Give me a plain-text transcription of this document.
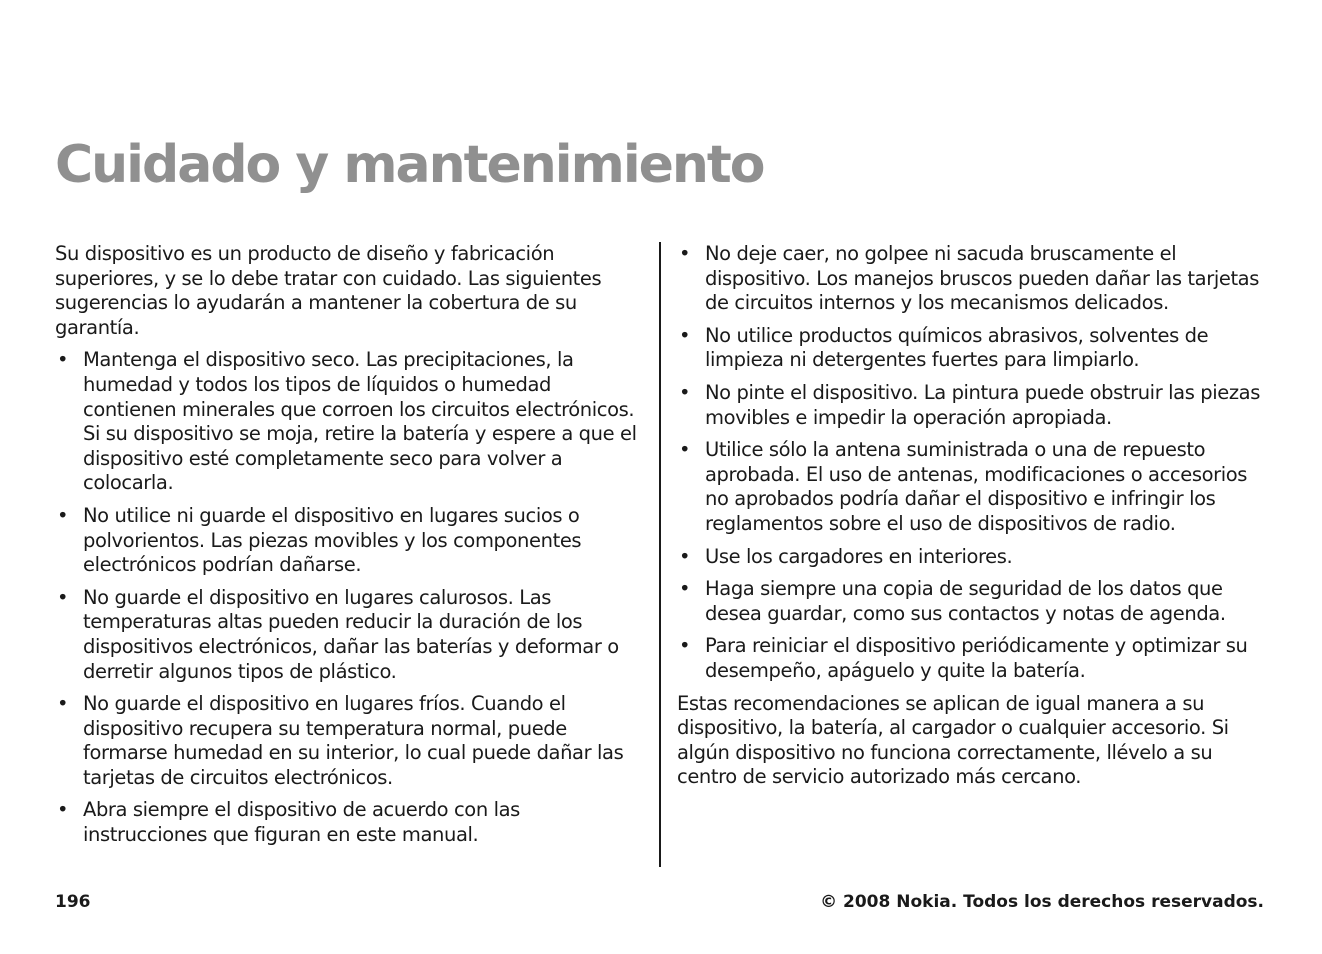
Cuidado y mantenimiento

Su dispositivo es un producto de diseño y fabricación superiores, y se lo debe tratar con cuidado. Las siguientes sugerencias lo ayudarán a mantener la cobertura de su garantía.

• Mantenga el dispositivo seco. Las precipitaciones, la humedad y todos los tipos de líquidos o humedad contienen minerales que corroen los circuitos electrónicos. Si su dispositivo se moja, retire la batería y espere a que el dispositivo esté completamente seco para volver a colocarla.
• No utilice ni guarde el dispositivo en lugares sucios o polvorientos. Las piezas movibles y los componentes electrónicos podrían dañarse.
• No guarde el dispositivo en lugares calurosos. Las temperaturas altas pueden reducir la duración de los dispositivos electrónicos, dañar las baterías y deformar o derretir algunos tipos de plástico.
• No guarde el dispositivo en lugares fríos. Cuando el dispositivo recupera su temperatura normal, puede formarse humedad en su interior, lo cual puede dañar las tarjetas de circuitos electrónicos.
• Abra siempre el dispositivo de acuerdo con las instrucciones que figuran en este manual.
• No deje caer, no golpee ni sacuda bruscamente el dispositivo. Los manejos bruscos pueden dañar las tarjetas de circuitos internos y los mecanismos delicados.
• No utilice productos químicos abrasivos, solventes de limpieza ni detergentes fuertes para limpiarlo.
• No pinte el dispositivo. La pintura puede obstruir las piezas movibles e impedir la operación apropiada.
• Utilice sólo la antena suministrada o una de repuesto aprobada. El uso de antenas, modificaciones o accesorios no aprobados podría dañar el dispositivo e infringir los reglamentos sobre el uso de dispositivos de radio.
• Use los cargadores en interiores.
• Haga siempre una copia de seguridad de los datos que desea guardar, como sus contactos y notas de agenda.
• Para reiniciar el dispositivo periódicamente y optimizar su desempeño, apáguelo y quite la batería.

Estas recomendaciones se aplican de igual manera a su dispositivo, la batería, al cargador o cualquier accesorio. Si algún dispositivo no funciona correctamente, llévelo a su centro de servicio autorizado más cercano.

196	© 2008 Nokia. Todos los derechos reservados.
